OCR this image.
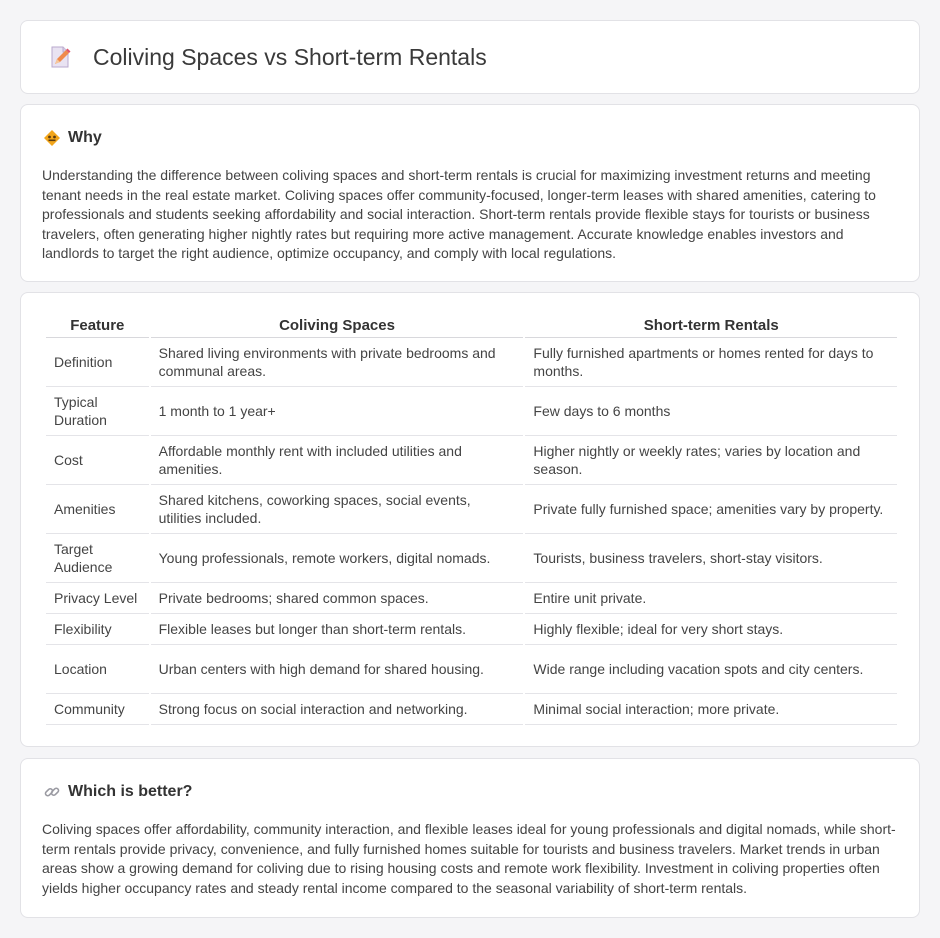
Coliving Spaces vs Short-term Rentals
Why

Understanding the difference between coliving spaces and short-term rentals is crucial for maximizing investment returns and meeting tenant needs in the real estate market. Coliving spaces offer community-focused, longer-term leases with shared amenities, catering to professionals and students seeking affordability and social interaction. Short-term rentals provide flexible stays for tourists or business travelers, often generating higher nightly rates but requiring more active management. Accurate knowledge enables investors and landlords to target the right audience, optimize occupancy, and comply with local regulations.

Feature	Coliving Spaces	Short-term Rentals
Definition	Shared living environments with private bedrooms and communal areas.	Fully furnished apartments or homes rented for days to months.
Typical Duration	1 month to 1 year+	Few days to 6 months
Cost	Affordable monthly rent with included utilities and amenities.	Higher nightly or weekly rates; varies by location and season.
Amenities	Shared kitchens, coworking spaces, social events, utilities included.	Private fully furnished space; amenities vary by property.
Target Audience	Young professionals, remote workers, digital nomads.	Tourists, business travelers, short-stay visitors.
Privacy Level	Private bedrooms; shared common spaces.	Entire unit private.
Flexibility	Flexible leases but longer than short-term rentals.	Highly flexible; ideal for very short stays.
Location	Urban centers with high demand for shared housing.	Wide range including vacation spots and city centers.
Community	Strong focus on social interaction and networking.	Minimal social interaction; more private.
Which is better?

Coliving spaces offer affordability, community interaction, and flexible leases ideal for young professionals and digital nomads, while short-term rentals provide privacy, convenience, and fully furnished homes suitable for tourists and business travelers. Market trends in urban areas show a growing demand for coliving due to rising housing costs and remote work flexibility. Investment in coliving properties often yields higher occupancy rates and steady rental income compared to the seasonal variability of short-term rentals.
